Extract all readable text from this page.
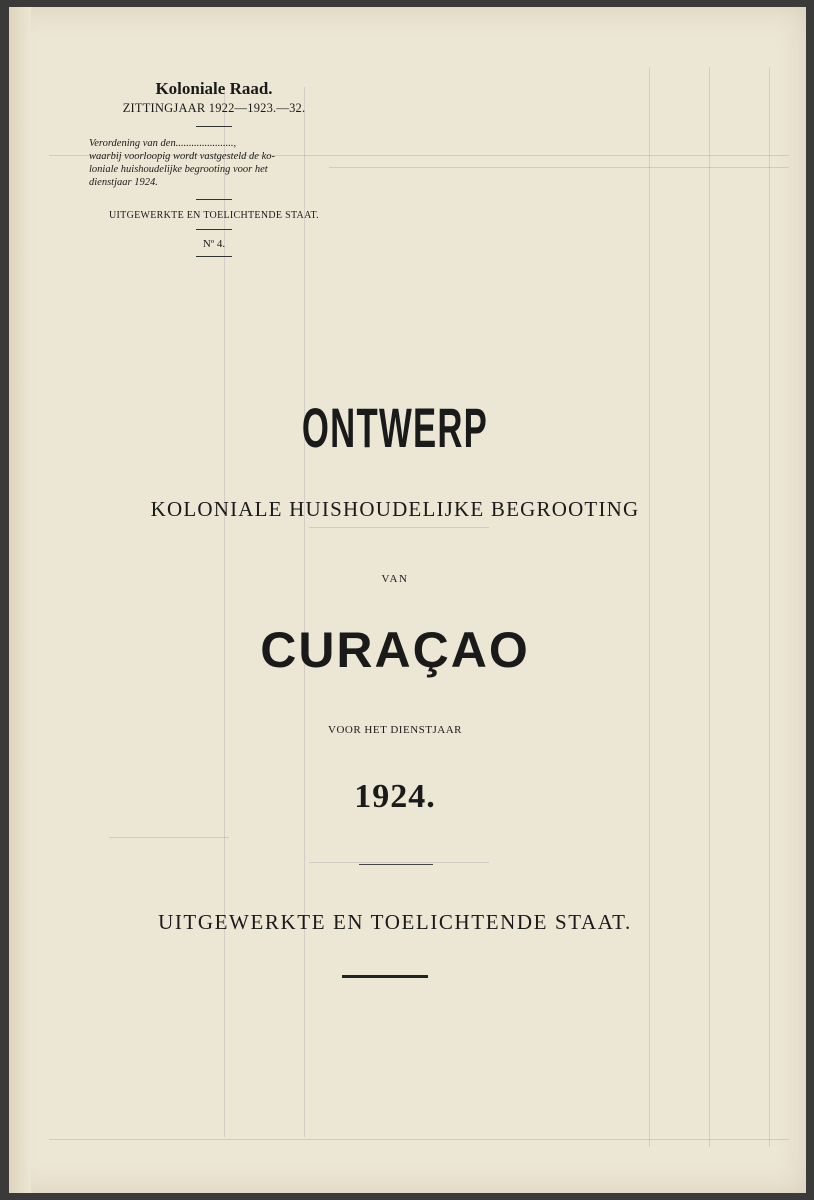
Koloniale Raad.
ZITTINGJAAR 1922—1923.—32.
Verordening van den......................,
waarbij voorloopig wordt vastgesteld de ko-
loniale huishoudelijke begrooting voor het
dienstjaar 1924.
UITGEWERKTE EN TOELICHTENDE STAAT.
Nº 4.
ONTWERP
KOLONIALE HUISHOUDELIJKE BEGROOTING
VAN
CURAÇAO
VOOR HET DIENSTJAAR
1924.
UITGEWERKTE EN TOELICHTENDE STAAT.
